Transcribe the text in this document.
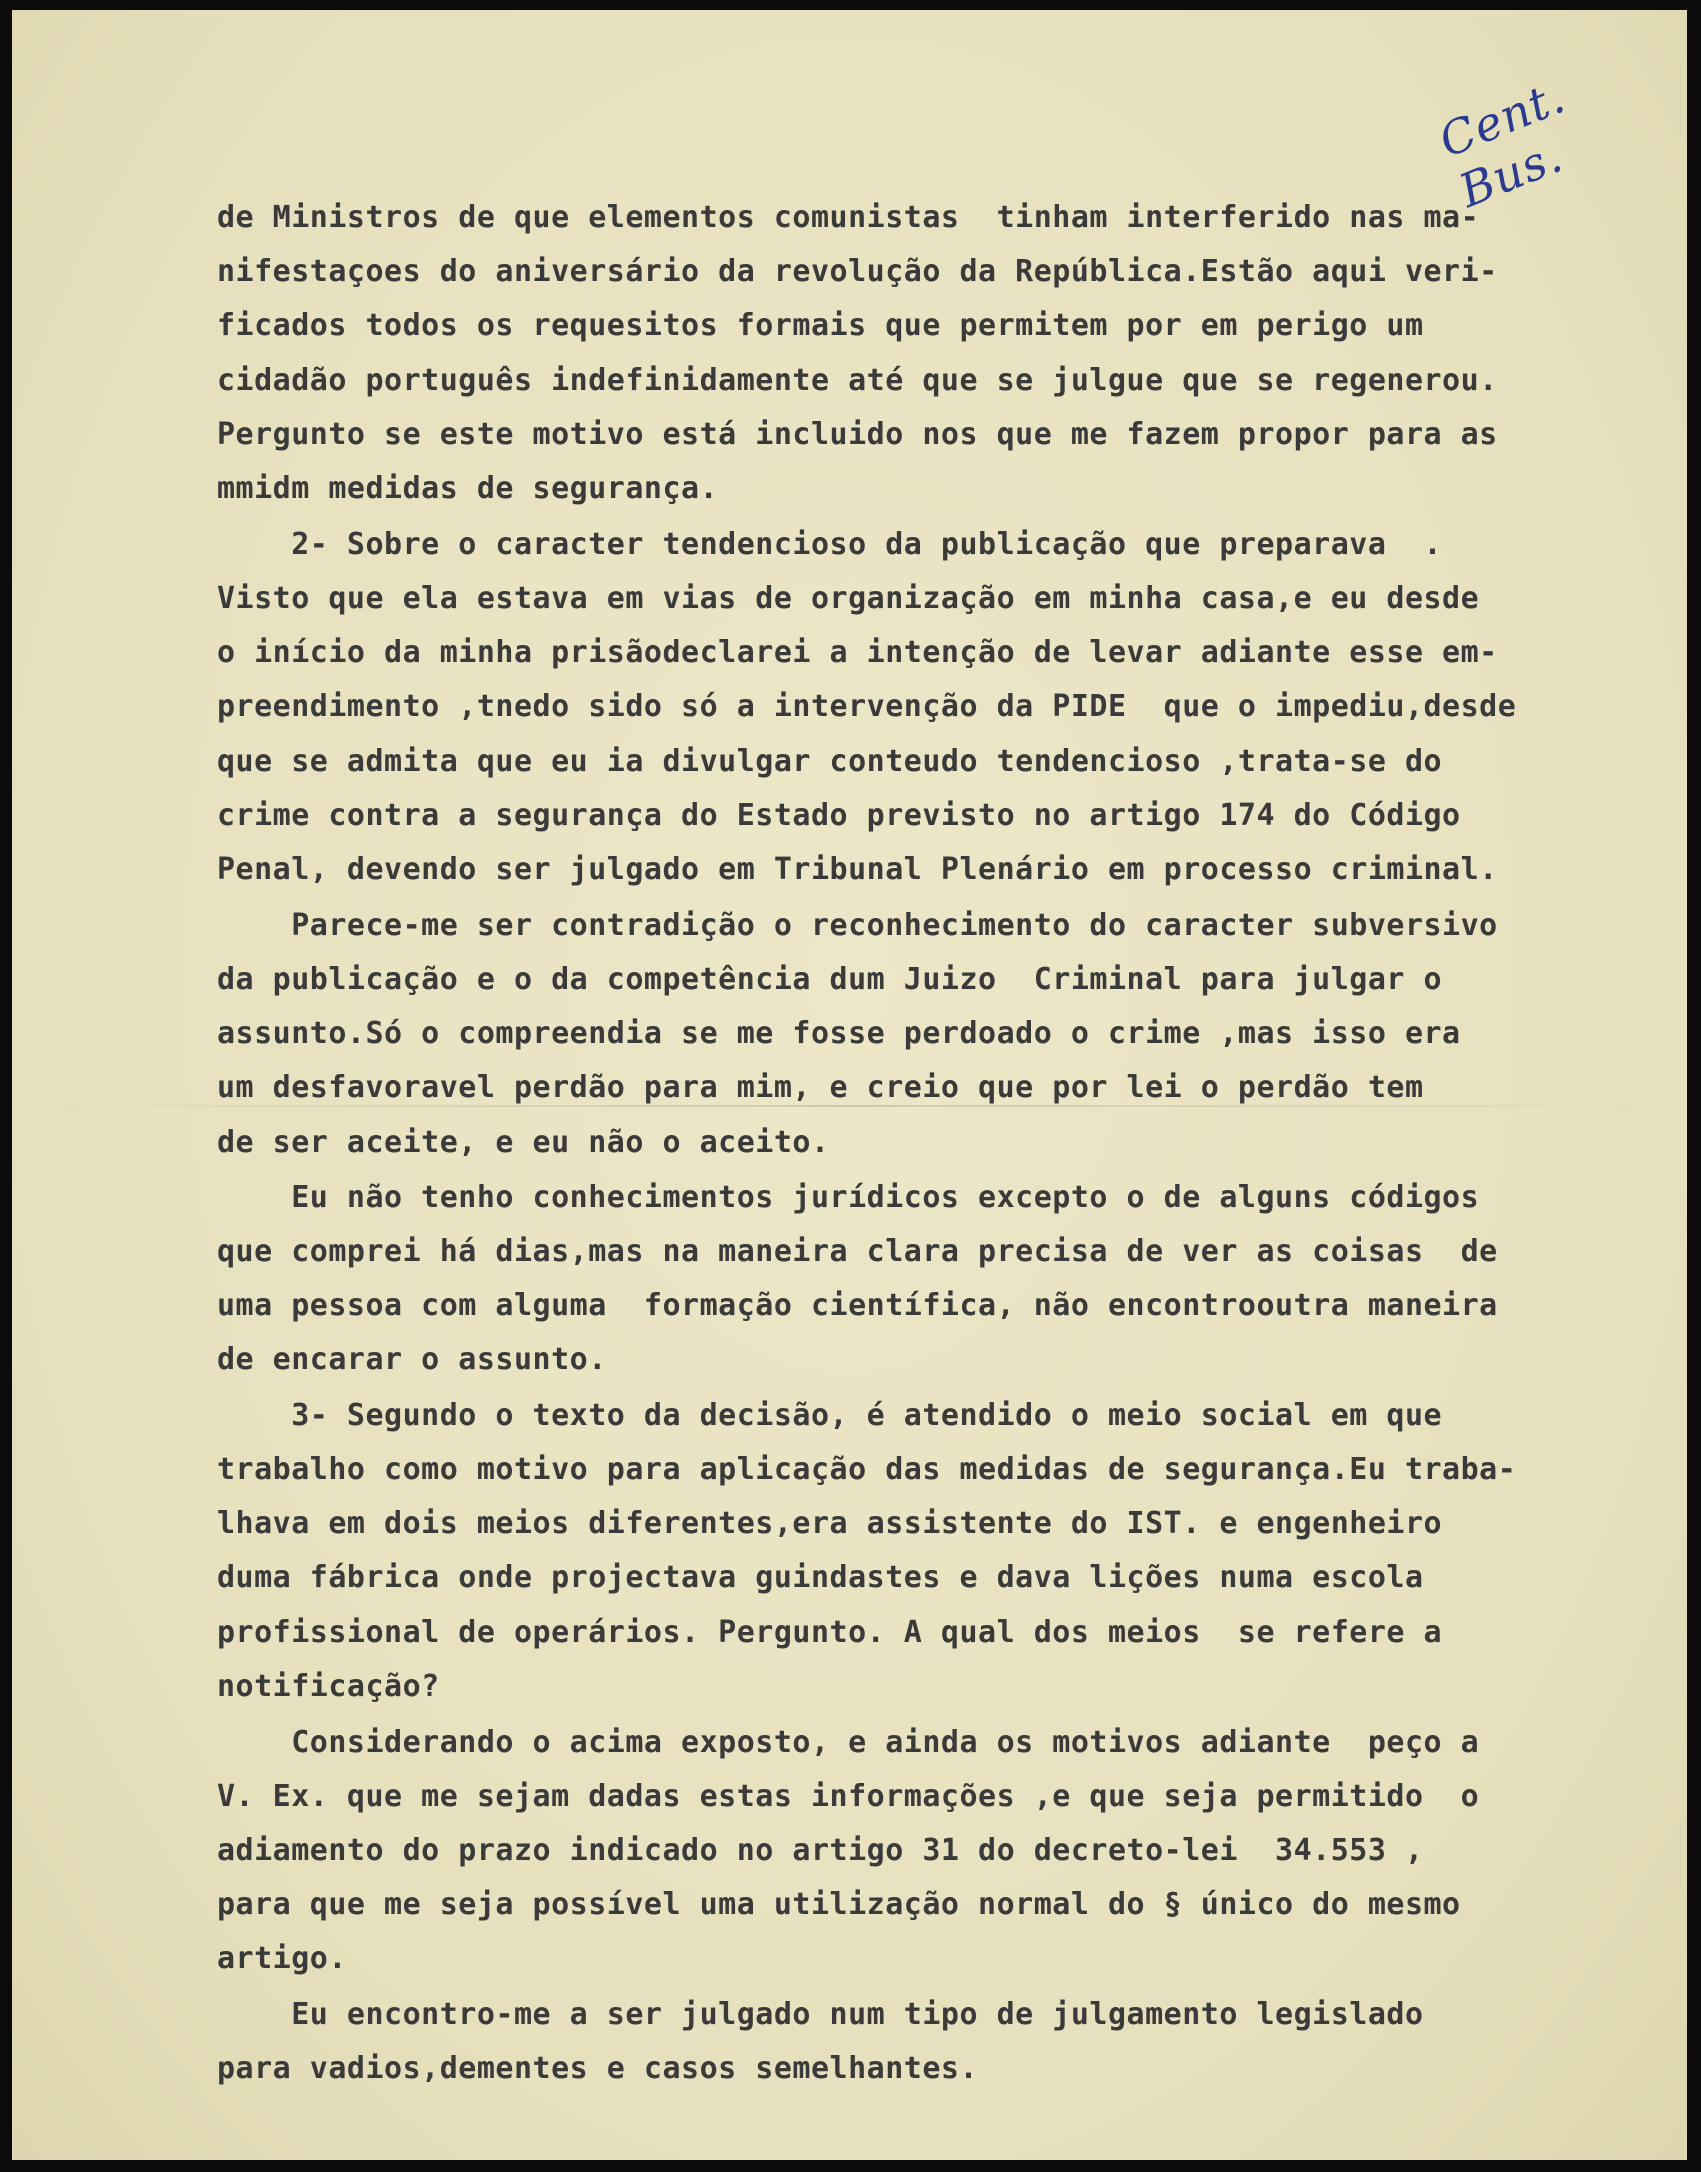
Cent. Bus.
de Ministros de que elementos comunistas  tinham interferido nas ma-
nifestaçoes do aniversário da revolução da República.Estão aqui veri-
ficados todos os requesitos formais que permitem por em perigo um
cidadão português indefinidamente até que se julgue que se regenerou.
Pergunto se este motivo está incluido nos que me fazem propor para as
mmidm medidas de segurança.
2- Sobre o caracter tendencioso da publicação que preparava  .
Visto que ela estava em vias de organização em minha casa,e eu desde
o início da minha prisãodeclarei a intenção de levar adiante esse em-
preendimento ,tnedo sido só a intervenção da PIDE  que o impediu,desde
que se admita que eu ia divulgar conteudo tendencioso ,trata-se do
crime contra a segurança do Estado previsto no artigo 174 do Código
Penal, devendo ser julgado em Tribunal Plenário em processo criminal.
Parece-me ser contradição o reconhecimento do caracter subversivo
da publicação e o da competência dum Juizo  Criminal para julgar o
assunto.Só o compreendia se me fosse perdoado o crime ,mas isso era
um desfavoravel perdão para mim, e creio que por lei o perdão tem
de ser aceite, e eu não o aceito.
Eu não tenho conhecimentos jurídicos excepto o de alguns códigos
que comprei há dias,mas na maneira clara precisa de ver as coisas  de
uma pessoa com alguma  formação científica, não encontrooutra maneira
de encarar o assunto.
3- Segundo o texto da decisão, é atendido o meio social em que
trabalho como motivo para aplicação das medidas de segurança.Eu traba-
lhava em dois meios diferentes,era assistente do IST. e engenheiro
duma fábrica onde projectava guindastes e dava lições numa escola
profissional de operários. Pergunto. A qual dos meios  se refere a
notificação?
Considerando o acima exposto, e ainda os motivos adiante  peço a
V. Ex. que me sejam dadas estas informações ,e que seja permitido  o
adiamento do prazo indicado no artigo 31 do decreto-lei  34.553 ,
para que me seja possível uma utilização normal do § único do mesmo
artigo.
Eu encontro-me a ser julgado num tipo de julgamento legislado
para vadios,dementes e casos semelhantes.
